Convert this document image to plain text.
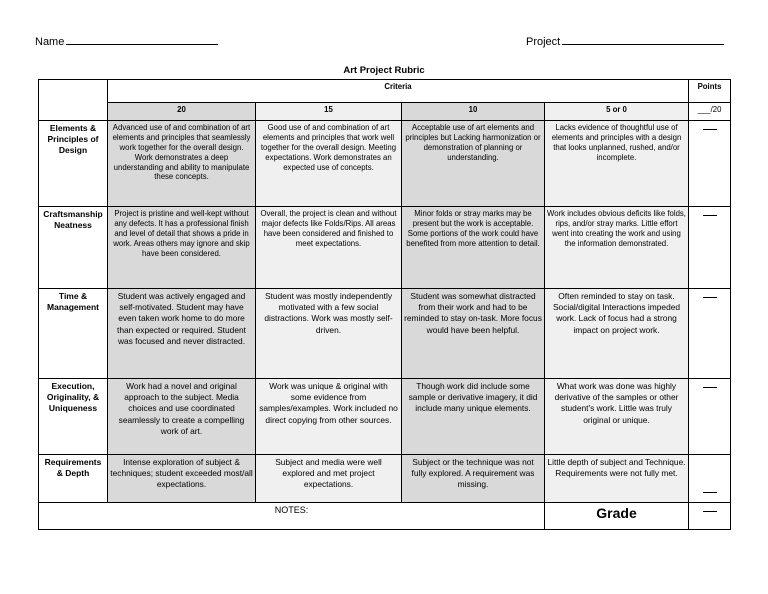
Name	Project
Art Project Rubric
	Criteria				Points
	20	15	10	5 or 0	___/20
Elements & Principles of Design	Advanced use of and combination of art elements and principles that seamlessly work together for the overall design. Work demonstrates a deep understanding and ability to manipulate these concepts.	Good use of and combination of art elements and principles that work well together for the overall design. Meeting expectations. Work demonstrates an expected use of concepts.	Acceptable use of art elements and principles but Lacking harmonization or demonstration of planning or understanding.	Lacks evidence of thoughtful use of elements and principles with a design that looks unplanned, rushed, and/or incomplete.	
Craftsmanship Neatness	Project is pristine and well-kept without any defects. It has a professional finish and level of detail that shows a pride in work. Areas others may ignore and skip have been considered.	Overall, the project is clean and without major defects like Folds/Rips. All areas have been considered and finished to meet expectations.	Minor folds or stray marks may be present but the work is acceptable. Some portions of the work could have benefited from more attention to detail.	Work includes obvious deficits like folds, rips, and/or stray marks. Little effort went into creating the work and using the information demonstrated.	
Time & Management	Student was actively engaged and self-motivated. Student may have even taken work home to do more than expected or required. Student was focused and never distracted.	Student was mostly independently motivated with a few social distractions. Work was mostly self-driven.	Student was somewhat distracted from their work and had to be reminded to stay on-task. More focus would have been helpful.	Often reminded to stay on task. Social/digital Interactions impeded work. Lack of focus had a strong impact on project work.	
Execution, Originality, & Uniqueness	Work had a novel and original approach to the subject. Media choices and use coordinated seamlessly to create a compelling work of art.	Work was unique & original with some evidence from samples/examples. Work included no direct copying from other sources.	Though work did include some sample or derivative imagery, it did include many unique elements.	What work was done was highly derivative of the samples or other student's work. Little was truly original or unique.	
Requirements & Depth	Intense exploration of subject & techniques; student exceeded most/all expectations.	Subject and media were well explored and met project expectations.	Subject or the technique was not fully explored. A requirement was missing.	Little depth of subject and Technique. Requirements were not fully met.	
NOTES:				Grade	
